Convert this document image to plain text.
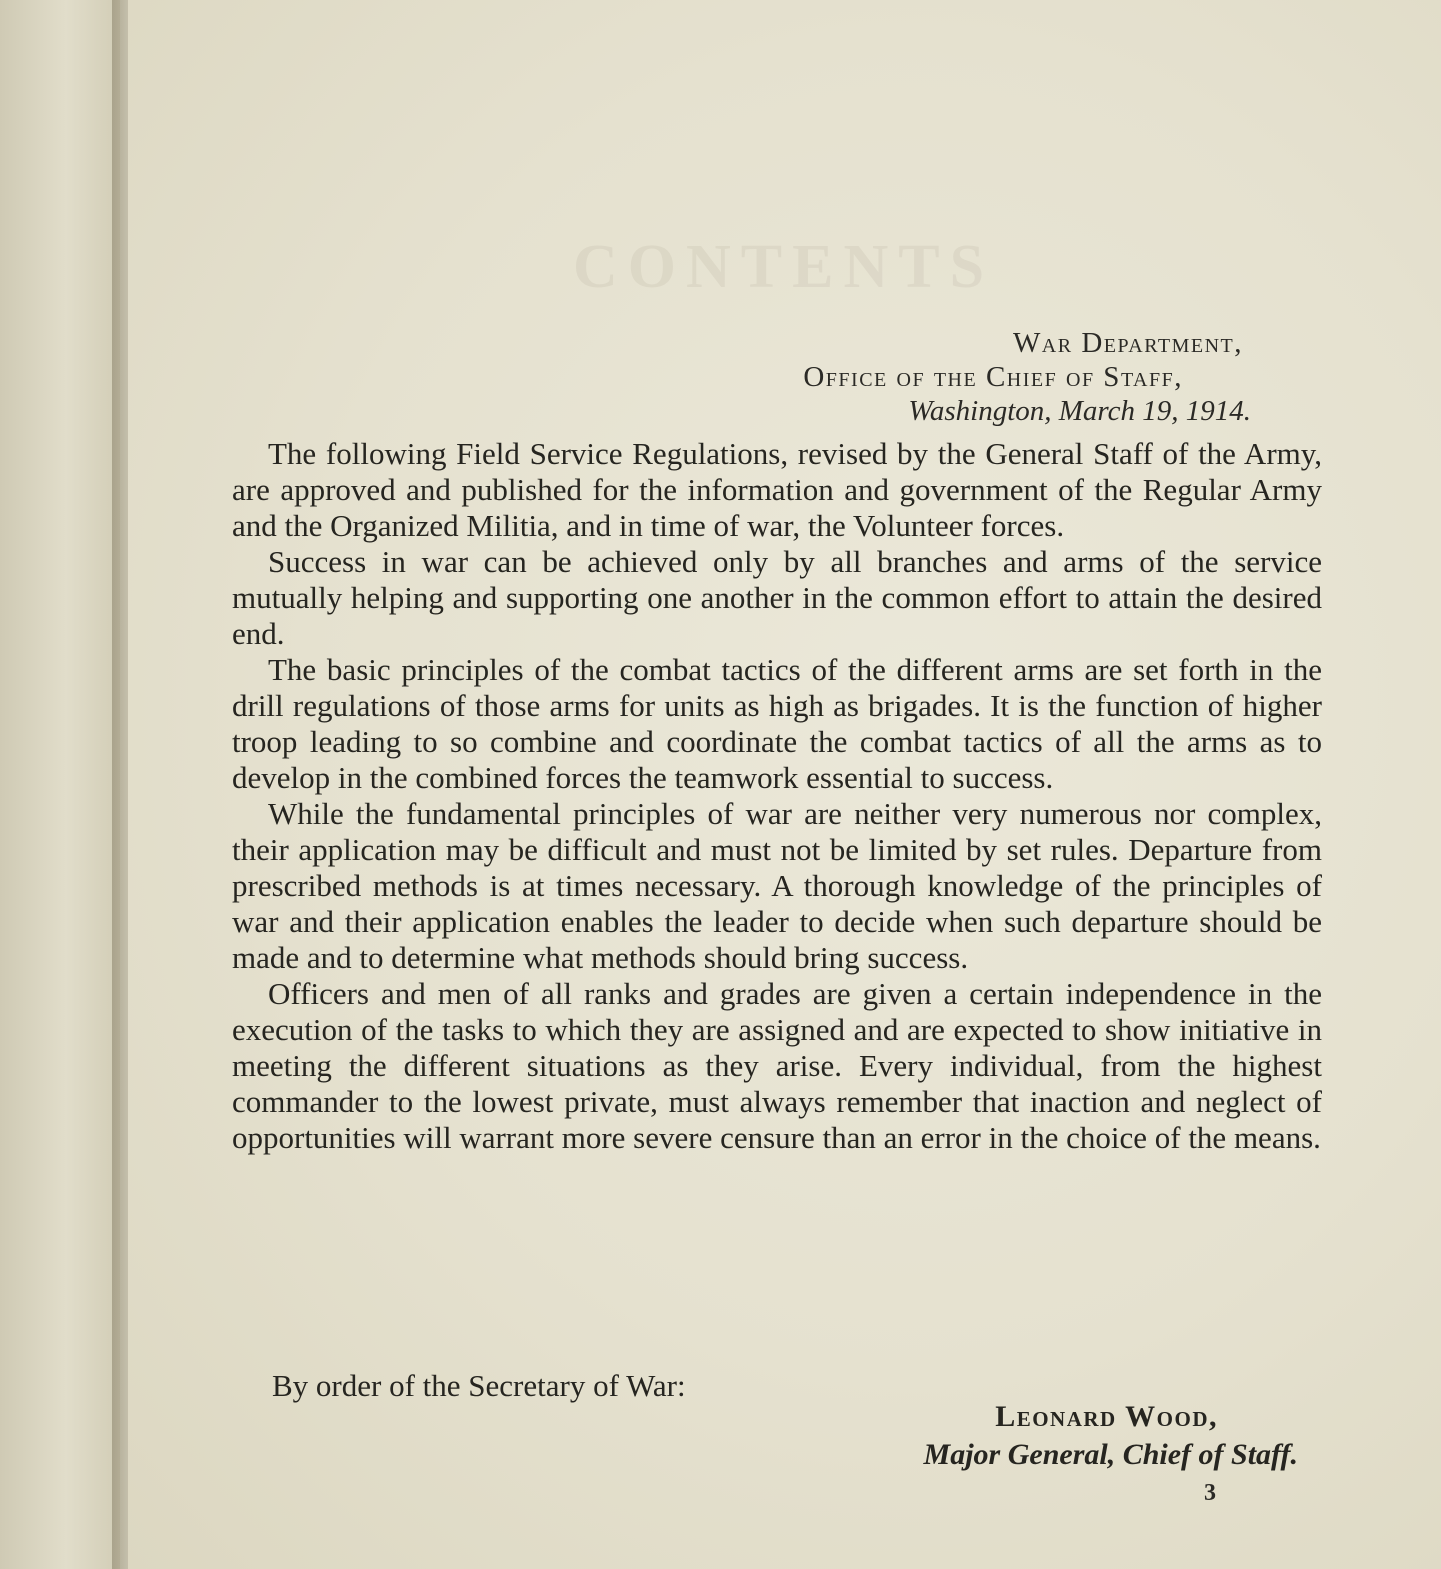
CONTENTS
War Department,
Office of the Chief of Staff,
Washington, March 19, 1914.

The following Field Service Regulations, revised by the General Staff of the Army, are approved and published for the information and government of the Regular Army and the Organized Militia, and in time of war, the Volunteer forces.

Success in war can be achieved only by all branches and arms of the service mutually helping and supporting one another in the common effort to attain the desired end.

The basic principles of the combat tactics of the different arms are set forth in the drill regulations of those arms for units as high as brigades. It is the function of higher troop leading to so combine and coordinate the combat tactics of all the arms as to develop in the combined forces the teamwork essential to success.

While the fundamental principles of war are neither very numerous nor complex, their application may be difficult and must not be limited by set rules. Departure from prescribed methods is at times necessary. A thorough knowledge of the principles of war and their application enables the leader to decide when such departure should be made and to determine what methods should bring success.

Officers and men of all ranks and grades are given a certain independence in the execution of the tasks to which they are assigned and are expected to show initiative in meeting the different situations as they arise. Every individual, from the highest commander to the lowest private, must always remember that inaction and neglect of opportunities will warrant more severe censure than an error in the choice of the means.

By order of the Secretary of War:
Leonard Wood,
Major General, Chief of Staff.
3
